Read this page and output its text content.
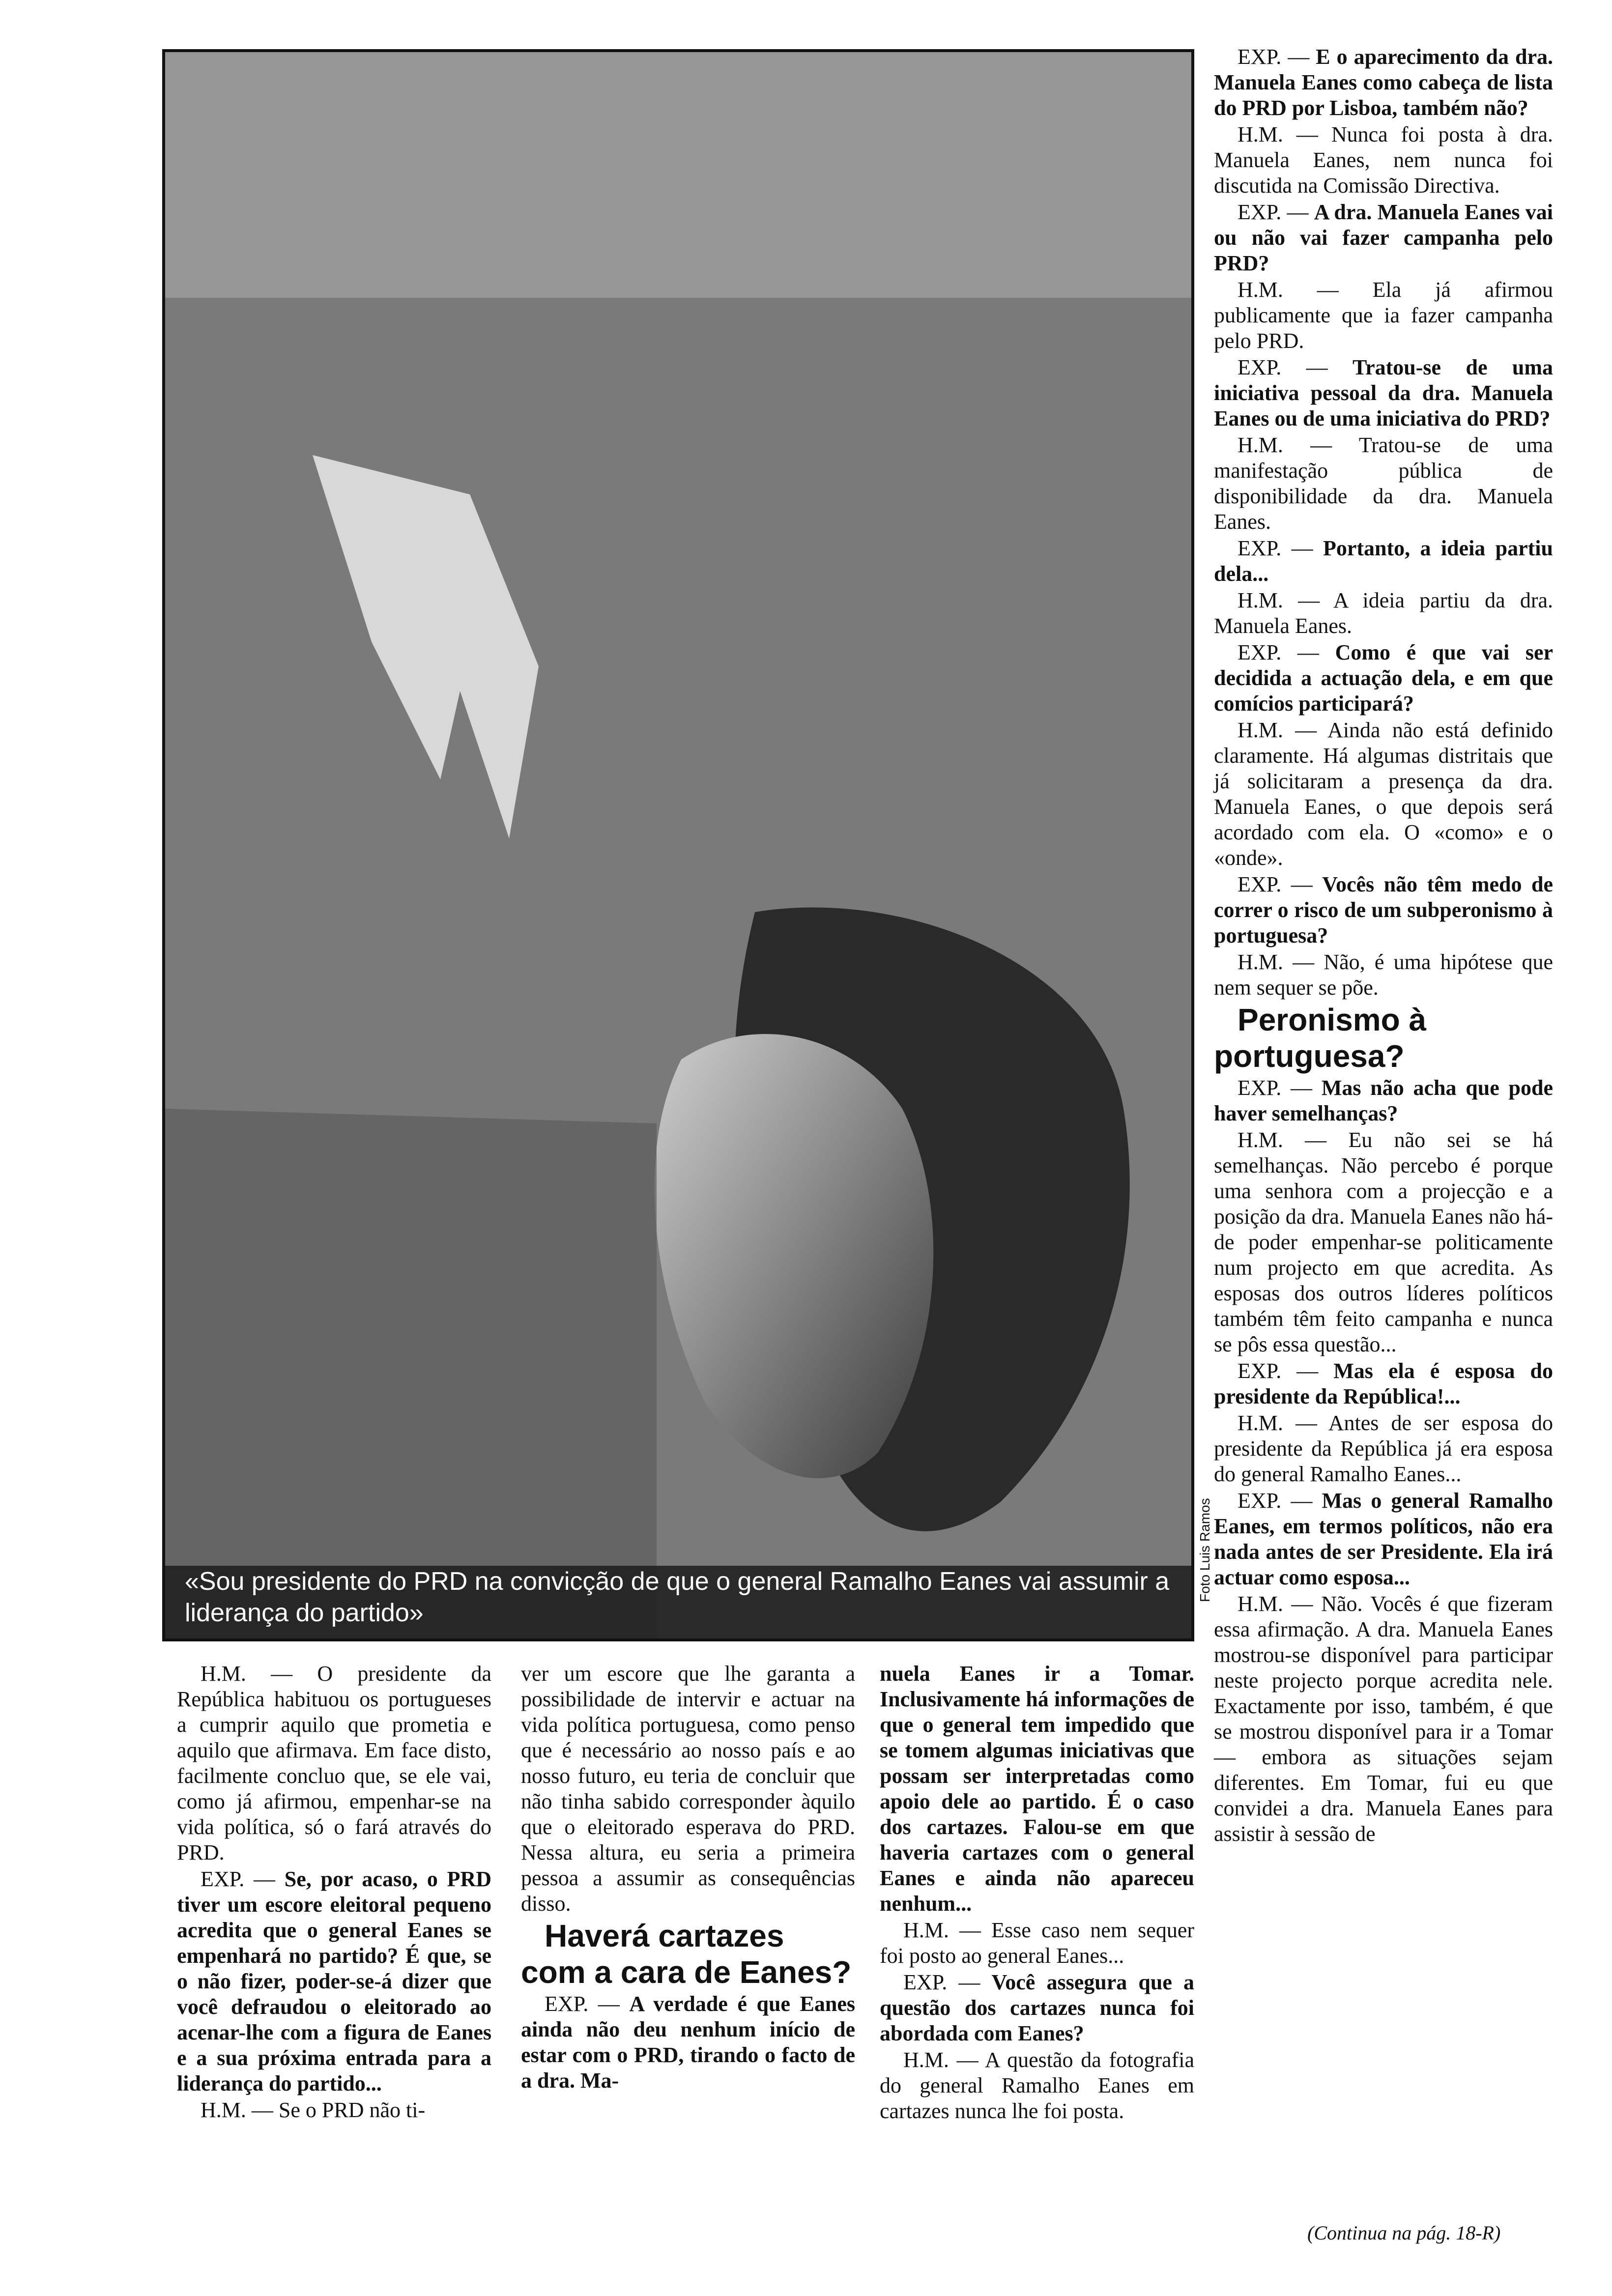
«Sou presidente do PRD na convicção de que o general Ramalho Eanes vai assumir a liderança do partido»
Foto Luis Ramos

EXP. — E o aparecimento da dra. Manuela Eanes como cabeça de lista do PRD por Lisboa, também não?

H.M. — Nunca foi posta à dra. Manuela Eanes, nem nunca foi discutida na Comissão Directiva.

EXP. — A dra. Manuela Eanes vai ou não vai fazer campanha pelo PRD?

H.M. — Ela já afirmou publicamente que ia fazer campanha pelo PRD.

EXP. — Tratou-se de uma iniciativa pessoal da dra. Manuela Eanes ou de uma iniciativa do PRD?

H.M. — Tratou-se de uma manifestação pública de disponibilidade da dra. Manuela Eanes.

EXP. — Portanto, a ideia partiu dela...

H.M. — A ideia partiu da dra. Manuela Eanes.

EXP. — Como é que vai ser decidida a actuação dela, e em que comícios participará?

H.M. — Ainda não está definido claramente. Há algumas distritais que já solicitaram a presença da dra. Manuela Eanes, o que depois será acordado com ela. O «como» e o «onde».

EXP. — Vocês não têm medo de correr o risco de um subperonismo à portuguesa?

H.M. — Não, é uma hipótese que nem sequer se põe.

Peronismo à portuguesa?

EXP. — Mas não acha que pode haver semelhanças?

H.M. — Eu não sei se há semelhanças. Não percebo é porque uma senhora com a projecção e a posição da dra. Manuela Eanes não há-de poder empenhar-se politicamente num projecto em que acredita. As esposas dos outros líderes políticos também têm feito campanha e nunca se pôs essa questão...

EXP. — Mas ela é esposa do presidente da República!...

H.M. — Antes de ser esposa do presidente da República já era esposa do general Ramalho Eanes...

EXP. — Mas o general Ramalho Eanes, em termos políticos, não era nada antes de ser Presidente. Ela irá actuar como esposa...

H.M. — Não. Vocês é que fizeram essa afirmação. A dra. Manuela Eanes mostrou-se disponível para participar neste projecto porque acredita nele. Exactamente por isso, também, é que se mostrou disponível para ir a Tomar — embora as situações sejam diferentes. Em Tomar, fui eu que convidei a dra. Manuela Eanes para assistir à sessão de

H.M. — O presidente da República habituou os portugueses a cumprir aquilo que prometia e aquilo que afirmava. Em face disto, facilmente concluo que, se ele vai, como já afirmou, empenhar-se na vida política, só o fará através do PRD.

EXP. — Se, por acaso, o PRD tiver um escore eleitoral pequeno acredita que o general Eanes se empenhará no partido? É que, se o não fizer, poder-se-á dizer que você defraudou o eleitorado ao acenar-lhe com a figura de Eanes e a sua próxima entrada para a liderança do partido...

H.M. — Se o PRD não ti-

ver um escore que lhe garanta a possibilidade de intervir e actuar na vida política portuguesa, como penso que é necessário ao nosso país e ao nosso futuro, eu teria de concluir que não tinha sabido corresponder àquilo que o eleitorado esperava do PRD. Nessa altura, eu seria a primeira pessoa a assumir as consequências disso.

Haverá cartazes com a cara de Eanes?

EXP. — A verdade é que Eanes ainda não deu nenhum início de estar com o PRD, tirando o facto de a dra. Ma-

nuela Eanes ir a Tomar. Inclusivamente há informações de que o general tem impedido que se tomem algumas iniciativas que possam ser interpretadas como apoio dele ao partido. É o caso dos cartazes. Falou-se em que haveria cartazes com o general Eanes e ainda não apareceu nenhum...

H.M. — Esse caso nem sequer foi posto ao general Eanes...

EXP. — Você assegura que a questão dos cartazes nunca foi abordada com Eanes?

H.M. — A questão da fotografia do general Ramalho Eanes em cartazes nunca lhe foi posta.

(Continua na pág. 18-R)
